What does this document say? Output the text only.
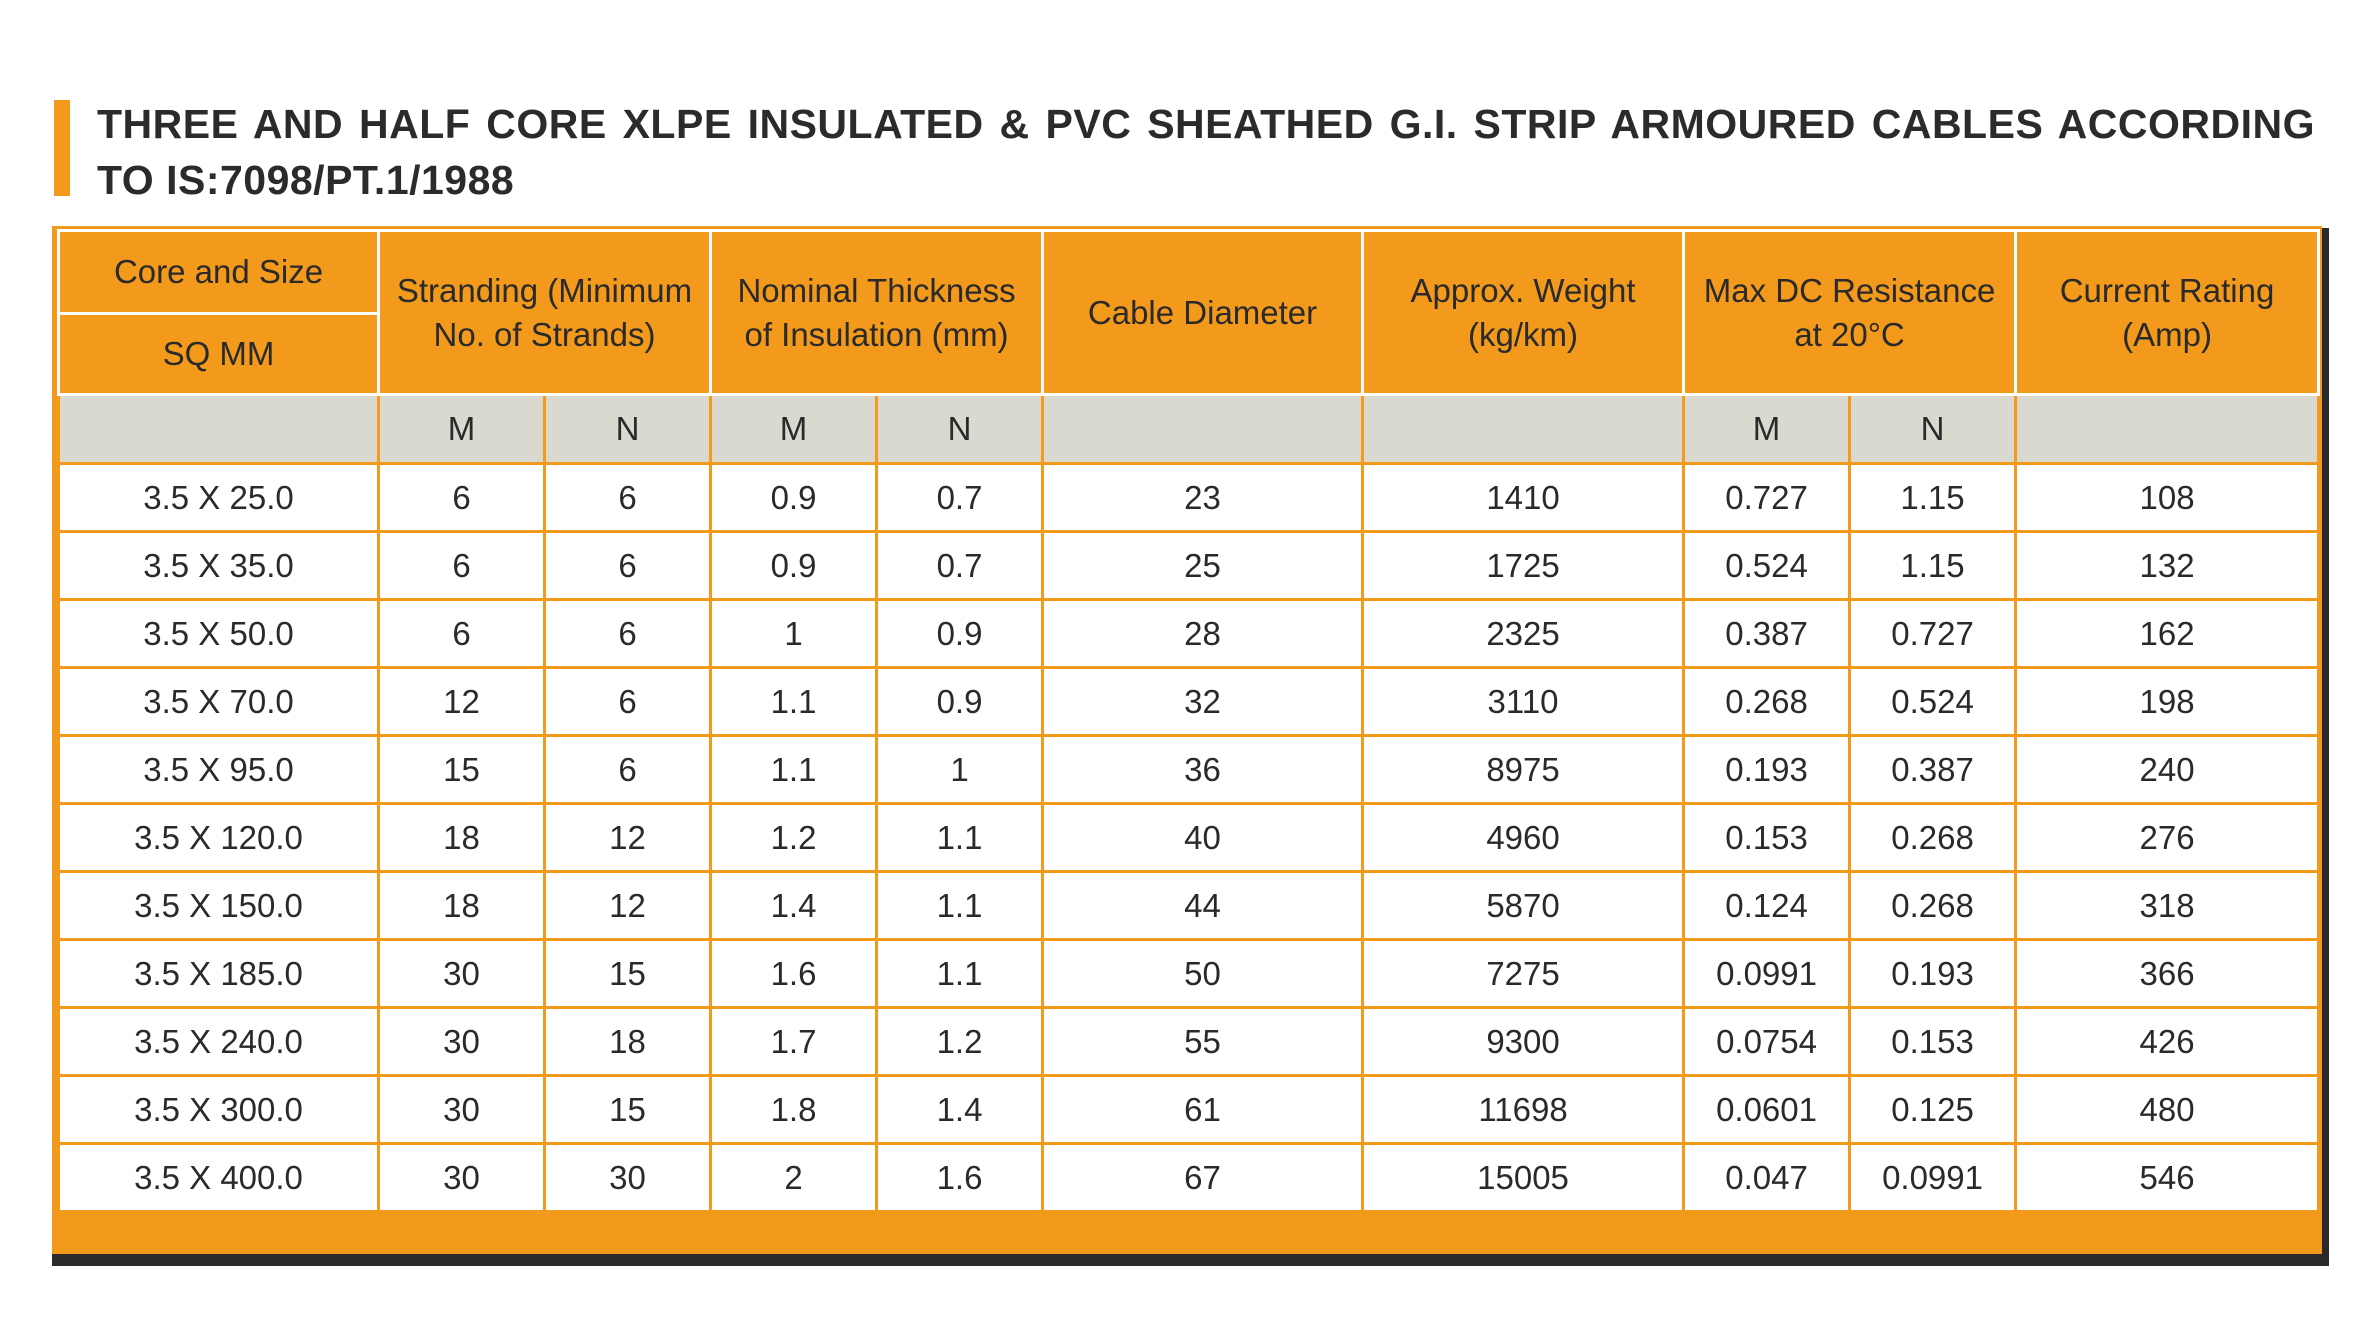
THREE AND HALF CORE XLPE INSULATED & PVC SHEATHED G.I. STRIP ARMOURED CABLES ACCORDING TO IS:7098/PT.1/1988
Core and Size	Stranding (Minimum No. of Strands)		Nominal Thickness of Insulation (mm)		Cable Diameter	Approx. Weight (kg/km)	Max DC Resistance at 20°C		Current Rating (Amp)
SQ MM									
	M	N	M	N			M	N	
3.5 X 25.0	6	6	0.9	0.7	23	1410	0.727	1.15	108
3.5 X 35.0	6	6	0.9	0.7	25	1725	0.524	1.15	132
3.5 X 50.0	6	6	1	0.9	28	2325	0.387	0.727	162
3.5 X 70.0	12	6	1.1	0.9	32	3110	0.268	0.524	198
3.5 X 95.0	15	6	1.1	1	36	8975	0.193	0.387	240
3.5 X 120.0	18	12	1.2	1.1	40	4960	0.153	0.268	276
3.5 X 150.0	18	12	1.4	1.1	44	5870	0.124	0.268	318
3.5 X 185.0	30	15	1.6	1.1	50	7275	0.0991	0.193	366
3.5 X 240.0	30	18	1.7	1.2	55	9300	0.0754	0.153	426
3.5 X 300.0	30	15	1.8	1.4	61	11698	0.0601	0.125	480
3.5 X 400.0	30	30	2	1.6	67	15005	0.047	0.0991	546
